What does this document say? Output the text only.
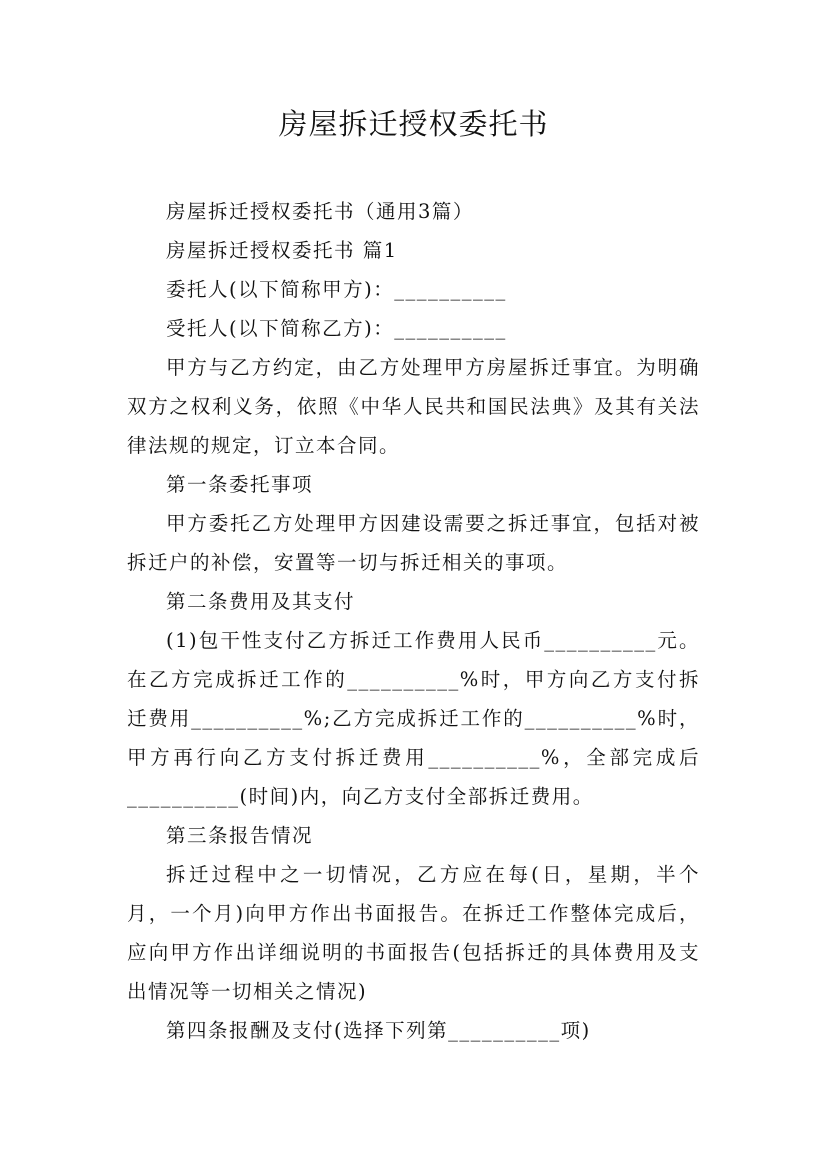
房屋拆迁授权委托书

房屋拆迁授权委托书（通用3篇）

房屋拆迁授权委托书 篇1

委托人(以下简称甲方)：__________

受托人(以下简称乙方)：__________

甲方与乙方约定，由乙方处理甲方房屋拆迁事宜。为明确双方之权利义务，依照《中华人民共和国民法典》及其有关法律法规的规定，订立本合同。

第一条委托事项

甲方委托乙方处理甲方因建设需要之拆迁事宜，包括对被拆迁户的补偿，安置等一切与拆迁相关的事项。

第二条费用及其支付

(1)包干性支付乙方拆迁工作费用人民币__________元。在乙方完成拆迁工作的__________%时，甲方向乙方支付拆迁费用__________%;乙方完成拆迁工作的__________%时，甲方再行向乙方支付拆迁费用__________%，全部完成后__________(时间)内，向乙方支付全部拆迁费用。

第三条报告情况

拆迁过程中之一切情况，乙方应在每(日，星期，半个月，一个月)向甲方作出书面报告。在拆迁工作整体完成后，应向甲方作出详细说明的书面报告(包括拆迁的具体费用及支出情况等一切相关之情况)

第四条报酬及支付(选择下列第__________项)
